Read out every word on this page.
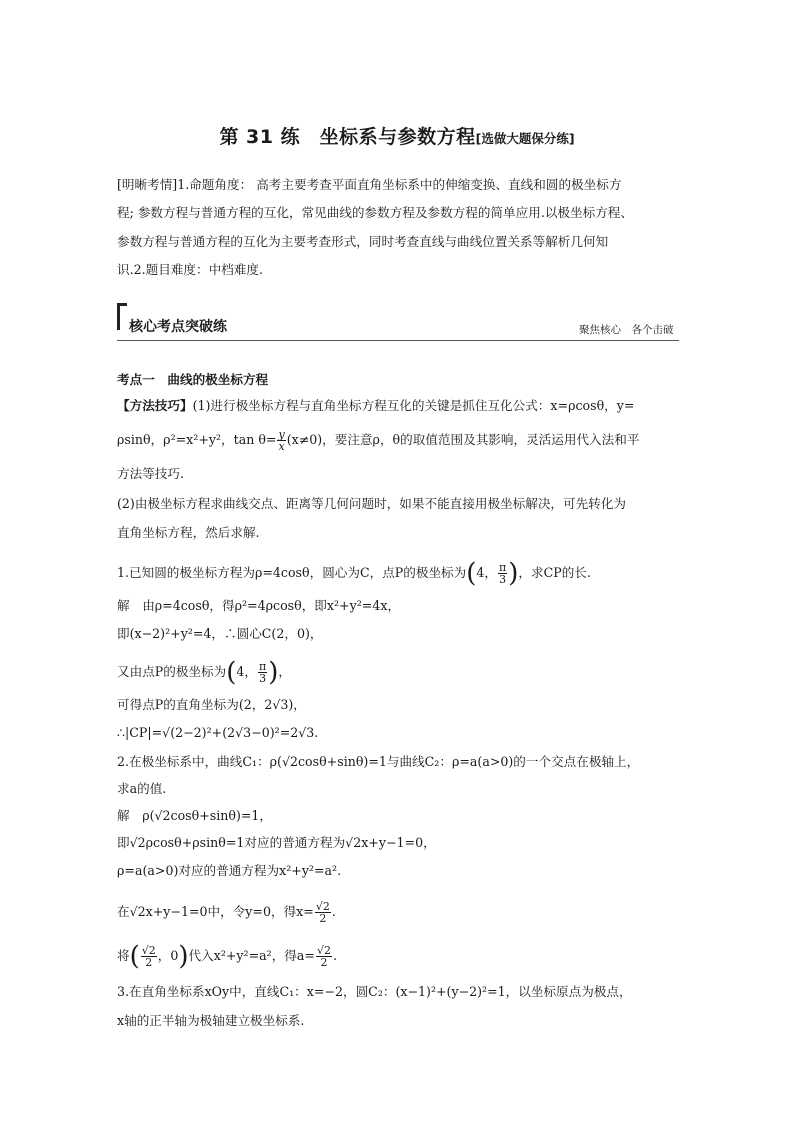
第 31 练　坐标系与参数方程[选做大题保分练]
[明晰考情]1.命题角度： 高考主要考查平面直角坐标系中的伸缩变换、直线和圆的极坐标方
程; 参数方程与普通方程的互化，常见曲线的参数方程及参数方程的简单应用.以极坐标方程、
参数方程与普通方程的互化为主要考查形式，同时考查直线与曲线位置关系等解析几何知
识.2.题目难度：中档难度.
核心考点突破练	聚焦核心　各个击破
考点一　曲线的极坐标方程
【方法技巧】(1)进行极坐标方程与直角坐标方程互化的关键是抓住互化公式：x=ρcosθ，y=
ρsinθ，ρ²=x²+y²，$\tan \theta= \frac{y}{x} (x\ne 0)$，要注意ρ，θ的取值范围及其影响，灵活运用代入法和平
方法等技巧.
(2)由极坐标方程求曲线交点、距离等几何问题时，如果不能直接用极坐标解决，可先转化为
直角坐标方程，然后求解.
1.已知圆的极坐标方程为ρ=4cosθ，圆心为C，点P的极坐标为(4， $\frac{\pi}{3}$ )，求CP的长.
解　由ρ=4cosθ，得ρ²=4ρcosθ，即x²+y²=4x，
即(x−2)²+y²=4，∴圆心C(2，0)，
又由点P的极坐标为(4， $\frac{\pi}{3}$ )，
可得点P的直角坐标为(2，2√3)，
∴|CP|=√(2−2)²+(2√3−0)²=2√3.
2.在极坐标系中，曲线C₁：ρ(√2cosθ+sinθ)=1与曲线C₂：ρ=a(a>0)的一个交点在极轴上，
求a的值.
解　ρ(√2cosθ+sinθ)=1，
即√2ρcosθ+ρsinθ=1对应的普通方程为√2x+y−1=0，
ρ=a(a>0)对应的普通方程为x²+y²=a².
在√2x+y−1=0中，令y=0，得$x= \frac{√2}{2}$ .
将( $\frac{√2}{2}$ ，0)代入x²+y²=a²，得$a= \frac{√2}{2}$ .
3.在直角坐标系xOy中，直线C₁：x=−2，圆C₂：(x−1)²+(y−2)²=1，以坐标原点为极点，
x轴的正半轴为极轴建立极坐标系.
